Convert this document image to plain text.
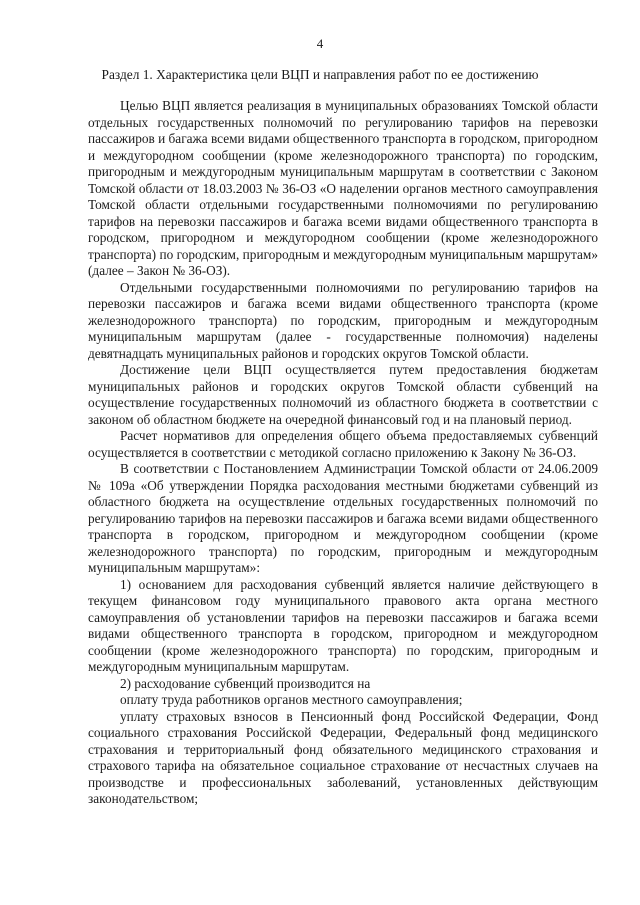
4
Раздел 1. Характеристика цели ВЦП и направления работ по ее достижению

Целью ВЦП является реализация в муниципальных образованиях Томской области отдельных государственных полномочий по регулированию тарифов на перевозки пассажиров и багажа всеми видами общественного транспорта в городском, пригородном и междугородном сообщении (кроме железнодорожного транспорта) по городским, пригородным и междугородным муниципальным маршрутам в соответствии с Законом Томской области от 18.03.2003 № 36-ОЗ «О наделении органов местного самоуправления Томской области отдельными государственными полномочиями по регулированию тарифов на перевозки пассажиров и багажа всеми видами общественного транспорта в городском, пригородном и междугородном сообщении (кроме железнодорожного транспорта) по городским, пригородным и междугородным муниципальным маршрутам» (далее – Закон № 36-ОЗ).

Отдельными государственными полномочиями по регулированию тарифов на перевозки пассажиров и багажа всеми видами общественного транспорта (кроме железнодорожного транспорта) по городским, пригородным и междугородным муниципальным маршрутам (далее - государственные полномочия) наделены девятнадцать муниципальных районов и городских округов Томской области.

Достижение цели ВЦП осуществляется путем предоставления бюджетам муниципальных районов и городских округов Томской области субвенций на осуществление государственных полномочий из областного бюджета в соответствии с законом об областном бюджете на очередной финансовый год и на плановый период.

Расчет нормативов для определения общего объема предоставляемых субвенций осуществляется в соответствии с методикой согласно приложению к Закону № 36-ОЗ.

В соответствии с Постановлением Администрации Томской области от 24.06.2009 № 109а «Об утверждении Порядка расходования местными бюджетами субвенций из областного бюджета на осуществление отдельных государственных полномочий по регулированию тарифов на перевозки пассажиров и багажа всеми видами общественного транспорта в городском, пригородном и междугородном сообщении (кроме железнодорожного транспорта) по городским, пригородным и междугородным муниципальным маршрутам»:

1) основанием для расходования субвенций является наличие действующего в текущем финансовом году муниципального правового акта органа местного самоуправления об установлении тарифов на перевозки пассажиров и багажа всеми видами общественного транспорта в городском, пригородном и междугородном сообщении (кроме железнодорожного транспорта) по городским, пригородным и междугородным муниципальным маршрутам.

2) расходование субвенций производится на

оплату труда работников органов местного самоуправления;

уплату страховых взносов в Пенсионный фонд Российской Федерации, Фонд социального страхования Российской Федерации, Федеральный фонд медицинского страхования и территориальный фонд обязательного медицинского страхования и страхового тарифа на обязательное социальное страхование от несчастных случаев на производстве и профессиональных заболеваний, установленных действующим законодательством;
